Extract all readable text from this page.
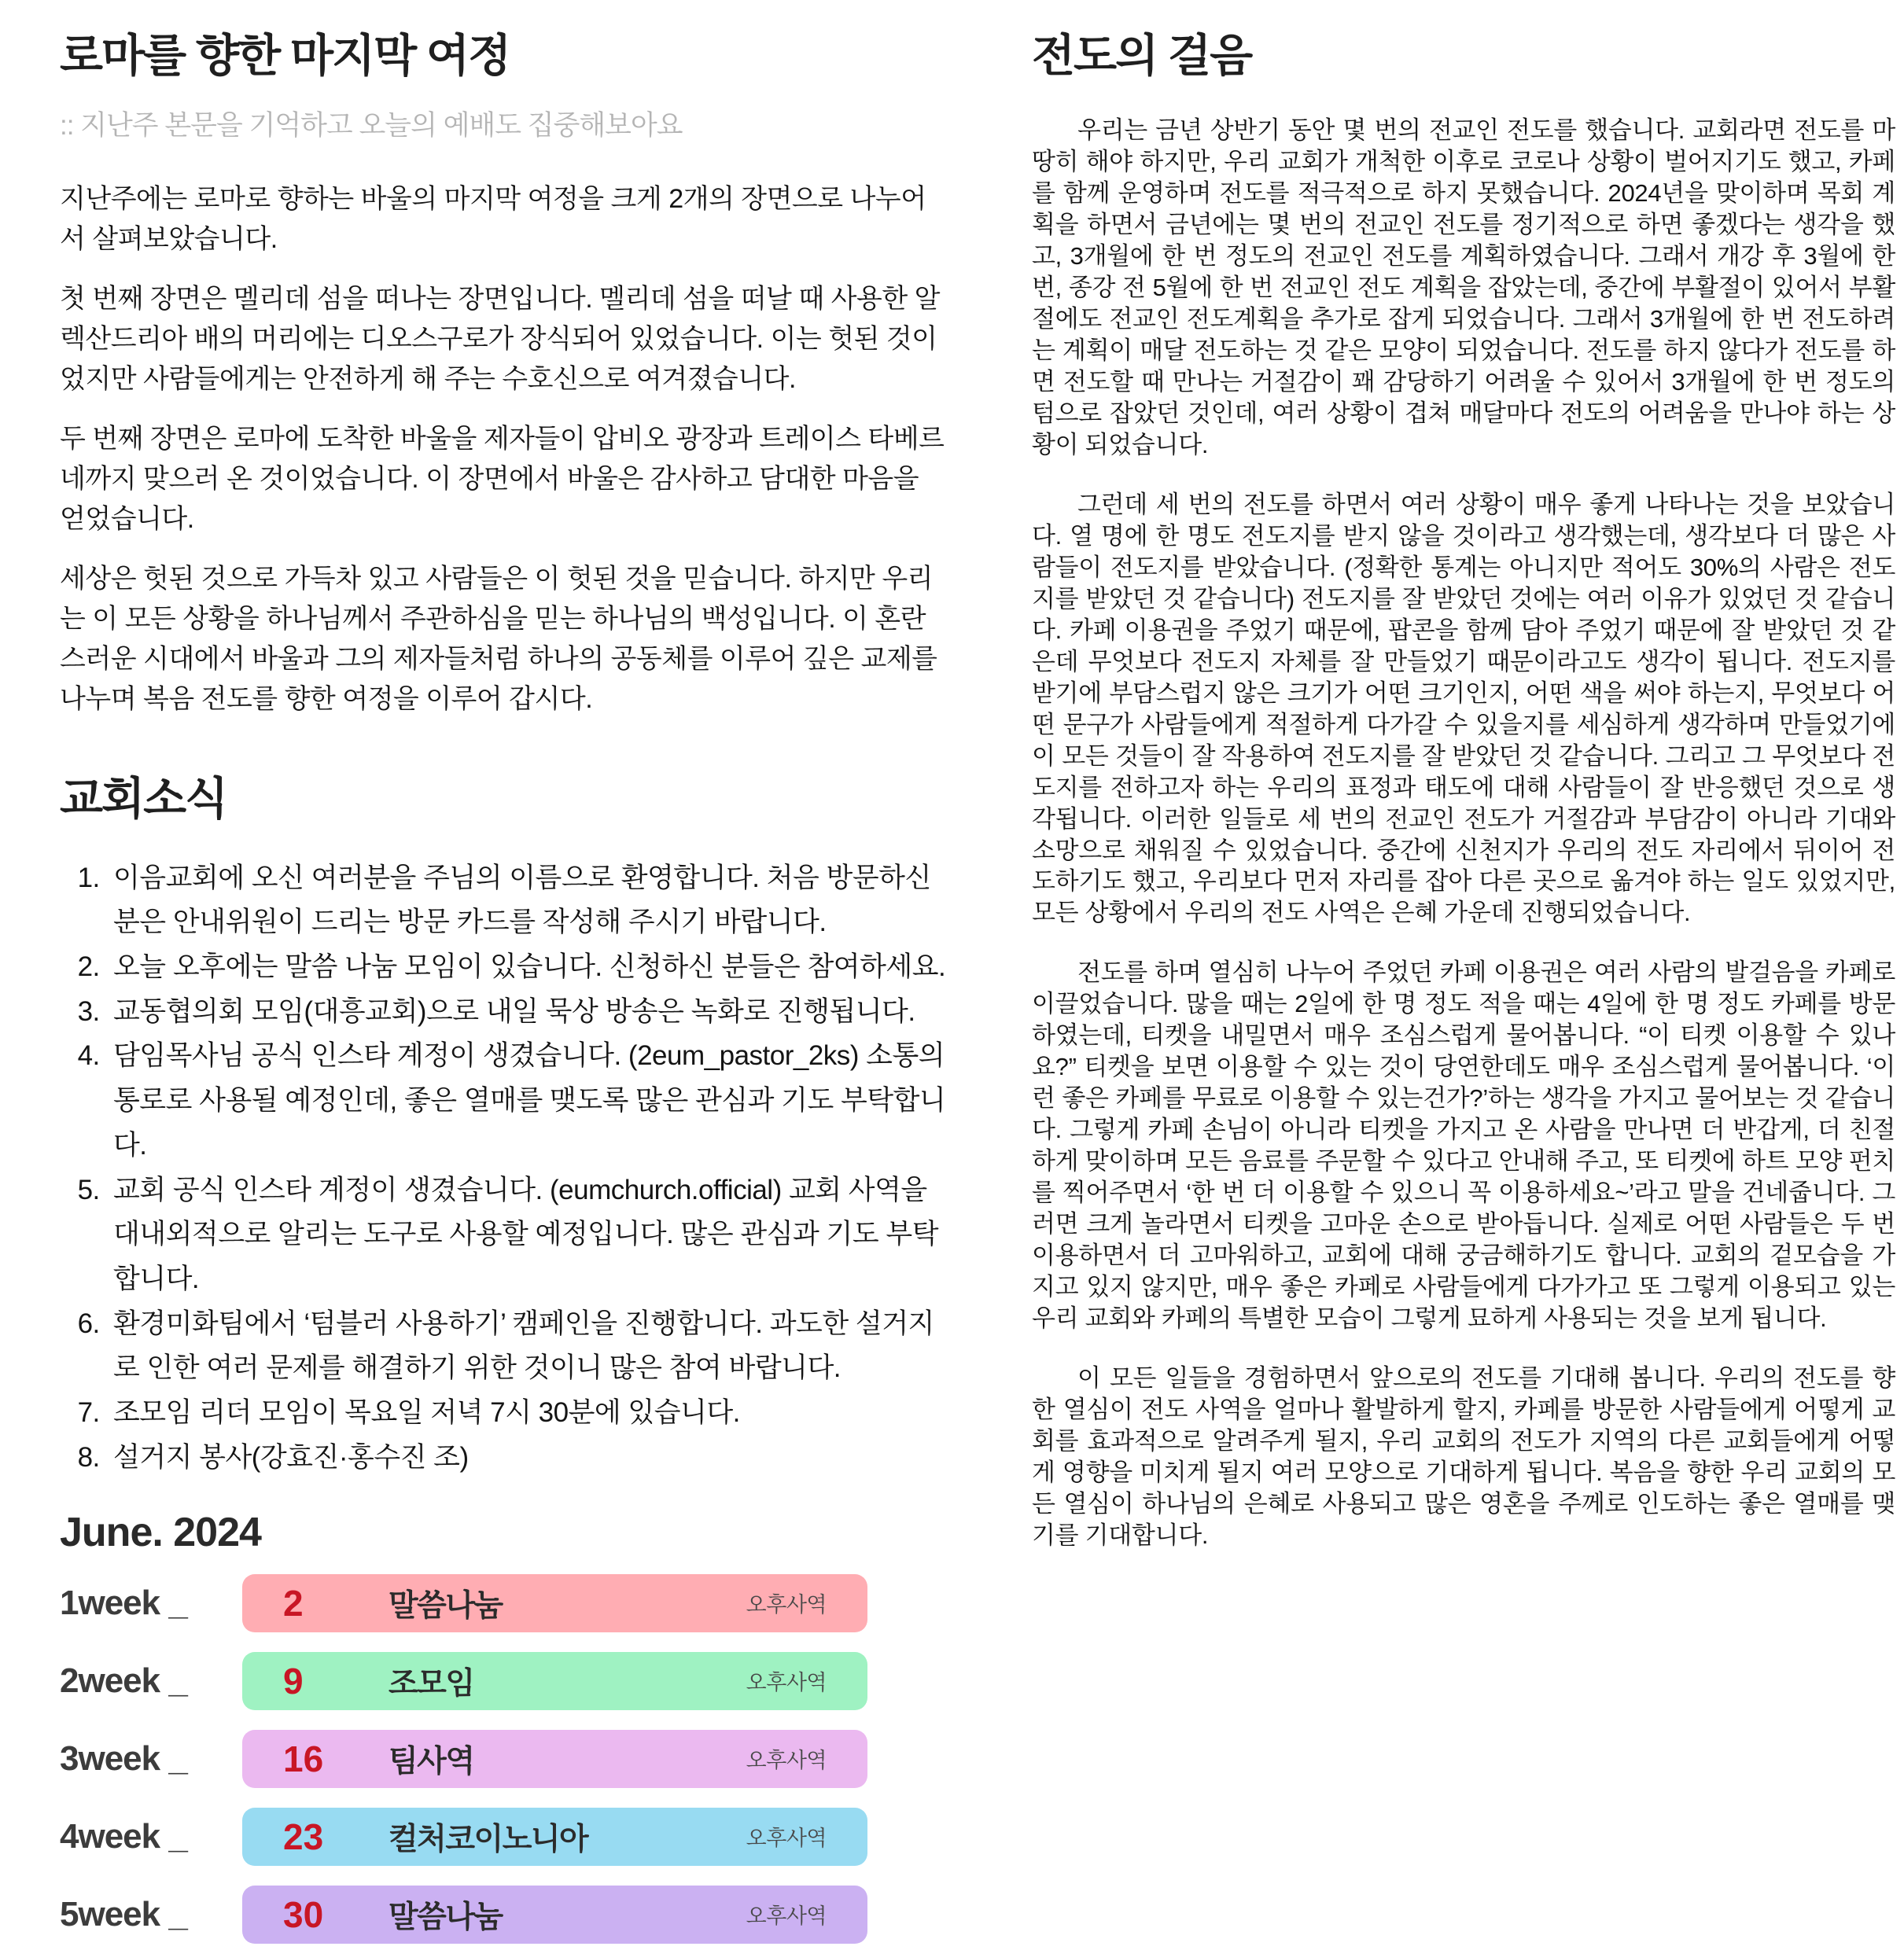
로마를 향한 마지막 여정
:: 지난주 본문을 기억하고 오늘의 예배도 집중해보아요

지난주에는 로마로 향하는 바울의 마지막 여정을 크게 2개의 장면으로 나누어서 살펴보았습니다.

첫 번째 장면은 멜리데 섬을 떠나는 장면입니다. 멜리데 섬을 떠날 때 사용한 알렉산드리아 배의 머리에는 디오스구로가 장식되어 있었습니다. 이는 헛된 것이었지만 사람들에게는 안전하게 해 주는 수호신으로 여겨졌습니다.

두 번째 장면은 로마에 도착한 바울을 제자들이 압비오 광장과 트레이스 타베르네까지 맞으러 온 것이었습니다. 이 장면에서 바울은 감사하고 담대한 마음을 얻었습니다.

세상은 헛된 것으로 가득차 있고 사람들은 이 헛된 것을 믿습니다. 하지만 우리는 이 모든 상황을 하나님께서 주관하심을 믿는 하나님의 백성입니다. 이 혼란스러운 시대에서 바울과 그의 제자들처럼 하나의 공동체를 이루어 깊은 교제를 나누며 복음 전도를 향한 여정을 이루어 갑시다.

교회소식
1. 이음교회에 오신 여러분을 주님의 이름으로 환영합니다. 처음 방문하신 분은 안내위원이 드리는 방문 카드를 작성해 주시기 바랍니다.
2. 오늘 오후에는 말씀 나눔 모임이 있습니다. 신청하신 분들은 참여하세요.
3. 교동협의회 모임(대흥교회)으로 내일 묵상 방송은 녹화로 진행됩니다.
4. 담임목사님 공식 인스타 계정이 생겼습니다. (2eum_pastor_2ks) 소통의 통로로 사용될 예정인데, 좋은 열매를 맺도록 많은 관심과 기도 부탁합니다.
5. 교회 공식 인스타 계정이 생겼습니다. (eumchurch.official) 교회 사역을 대내외적으로 알리는 도구로 사용할 예정입니다. 많은 관심과 기도 부탁합니다.
6. 환경미화팀에서 ‘텀블러 사용하기’ 캠페인을 진행합니다. 과도한 설거지로 인한 여러 문제를 해결하기 위한 것이니 많은 참여 바랍니다.
7. 조모임 리더 모임이 목요일 저녁 7시 30분에 있습니다.
8. 설거지 봉사(강효진·홍수진 조)
June. 2024
1week _	2	말씀나눔	오후사역
2week _	9	조모임	오후사역
3week _	16	팀사역	오후사역
4week _	23	컬처코이노니아	오후사역
5week _	30	말씀나눔	오후사역
전도의 걸음

우리는 금년 상반기 동안 몇 번의 전교인 전도를 했습니다. 교회라면 전도를 마땅히 해야 하지만, 우리 교회가 개척한 이후로 코로나 상황이 벌어지기도 했고, 카페를 함께 운영하며 전도를 적극적으로 하지 못했습니다. 2024년을 맞이하며 목회 계획을 하면서 금년에는 몇 번의 전교인 전도를 정기적으로 하면 좋겠다는 생각을 했고, 3개월에 한 번 정도의 전교인 전도를 계획하였습니다. 그래서 개강 후 3월에 한 번, 종강 전 5월에 한 번 전교인 전도 계획을 잡았는데, 중간에 부활절이 있어서 부활절에도 전교인 전도계획을 추가로 잡게 되었습니다. 그래서 3개월에 한 번 전도하려는 계획이 매달 전도하는 것 같은 모양이 되었습니다. 전도를 하지 않다가 전도를 하면 전도할 때 만나는 거절감이 꽤 감당하기 어려울 수 있어서 3개월에 한 번 정도의 텀으로 잡았던 것인데, 여러 상황이 겹쳐 매달마다 전도의 어려움을 만나야 하는 상황이 되었습니다.

그런데 세 번의 전도를 하면서 여러 상황이 매우 좋게 나타나는 것을 보았습니다. 열 명에 한 명도 전도지를 받지 않을 것이라고 생각했는데, 생각보다 더 많은 사람들이 전도지를 받았습니다. (정확한 통계는 아니지만 적어도 30%의 사람은 전도지를 받았던 것 같습니다) 전도지를 잘 받았던 것에는 여러 이유가 있었던 것 같습니다. 카페 이용권을 주었기 때문에, 팝콘을 함께 담아 주었기 때문에 잘 받았던 것 같은데 무엇보다 전도지 자체를 잘 만들었기 때문이라고도 생각이 됩니다. 전도지를 받기에 부담스럽지 않은 크기가 어떤 크기인지, 어떤 색을 써야 하는지, 무엇보다 어떤 문구가 사람들에게 적절하게 다가갈 수 있을지를 세심하게 생각하며 만들었기에 이 모든 것들이 잘 작용하여 전도지를 잘 받았던 것 같습니다. 그리고 그 무엇보다 전도지를 전하고자 하는 우리의 표정과 태도에 대해 사람들이 잘 반응했던 것으로 생각됩니다. 이러한 일들로 세 번의 전교인 전도가 거절감과 부담감이 아니라 기대와 소망으로 채워질 수 있었습니다. 중간에 신천지가 우리의 전도 자리에서 뒤이어 전도하기도 했고, 우리보다 먼저 자리를 잡아 다른 곳으로 옮겨야 하는 일도 있었지만, 모든 상황에서 우리의 전도 사역은 은혜 가운데 진행되었습니다.

전도를 하며 열심히 나누어 주었던 카페 이용권은 여러 사람의 발걸음을 카페로 이끌었습니다. 많을 때는 2일에 한 명 정도 적을 때는 4일에 한 명 정도 카페를 방문하였는데, 티켓을 내밀면서 매우 조심스럽게 물어봅니다. “이 티켓 이용할 수 있나요?” 티켓을 보면 이용할 수 있는 것이 당연한데도 매우 조심스럽게 물어봅니다. ‘이런 좋은 카페를 무료로 이용할 수 있는건가?’하는 생각을 가지고 물어보는 것 같습니다. 그렇게 카페 손님이 아니라 티켓을 가지고 온 사람을 만나면 더 반갑게, 더 친절하게 맞이하며 모든 음료를 주문할 수 있다고 안내해 주고, 또 티켓에 하트 모양 펀치를 찍어주면서 ‘한 번 더 이용할 수 있으니 꼭 이용하세요~’라고 말을 건네줍니다. 그러면 크게 놀라면서 티켓을 고마운 손으로 받아듭니다. 실제로 어떤 사람들은 두 번 이용하면서 더 고마워하고, 교회에 대해 궁금해하기도 합니다. 교회의 겉모습을 가지고 있지 않지만, 매우 좋은 카페로 사람들에게 다가가고 또 그렇게 이용되고 있는 우리 교회와 카페의 특별한 모습이 그렇게 묘하게 사용되는 것을 보게 됩니다.

이 모든 일들을 경험하면서 앞으로의 전도를 기대해 봅니다. 우리의 전도를 향한 열심이 전도 사역을 얼마나 활발하게 할지, 카페를 방문한 사람들에게 어떻게 교회를 효과적으로 알려주게 될지, 우리 교회의 전도가 지역의 다른 교회들에게 어떻게 영향을 미치게 될지 여러 모양으로 기대하게 됩니다. 복음을 향한 우리 교회의 모든 열심이 하나님의 은혜로 사용되고 많은 영혼을 주께로 인도하는 좋은 열매를 맺기를 기대합니다.
